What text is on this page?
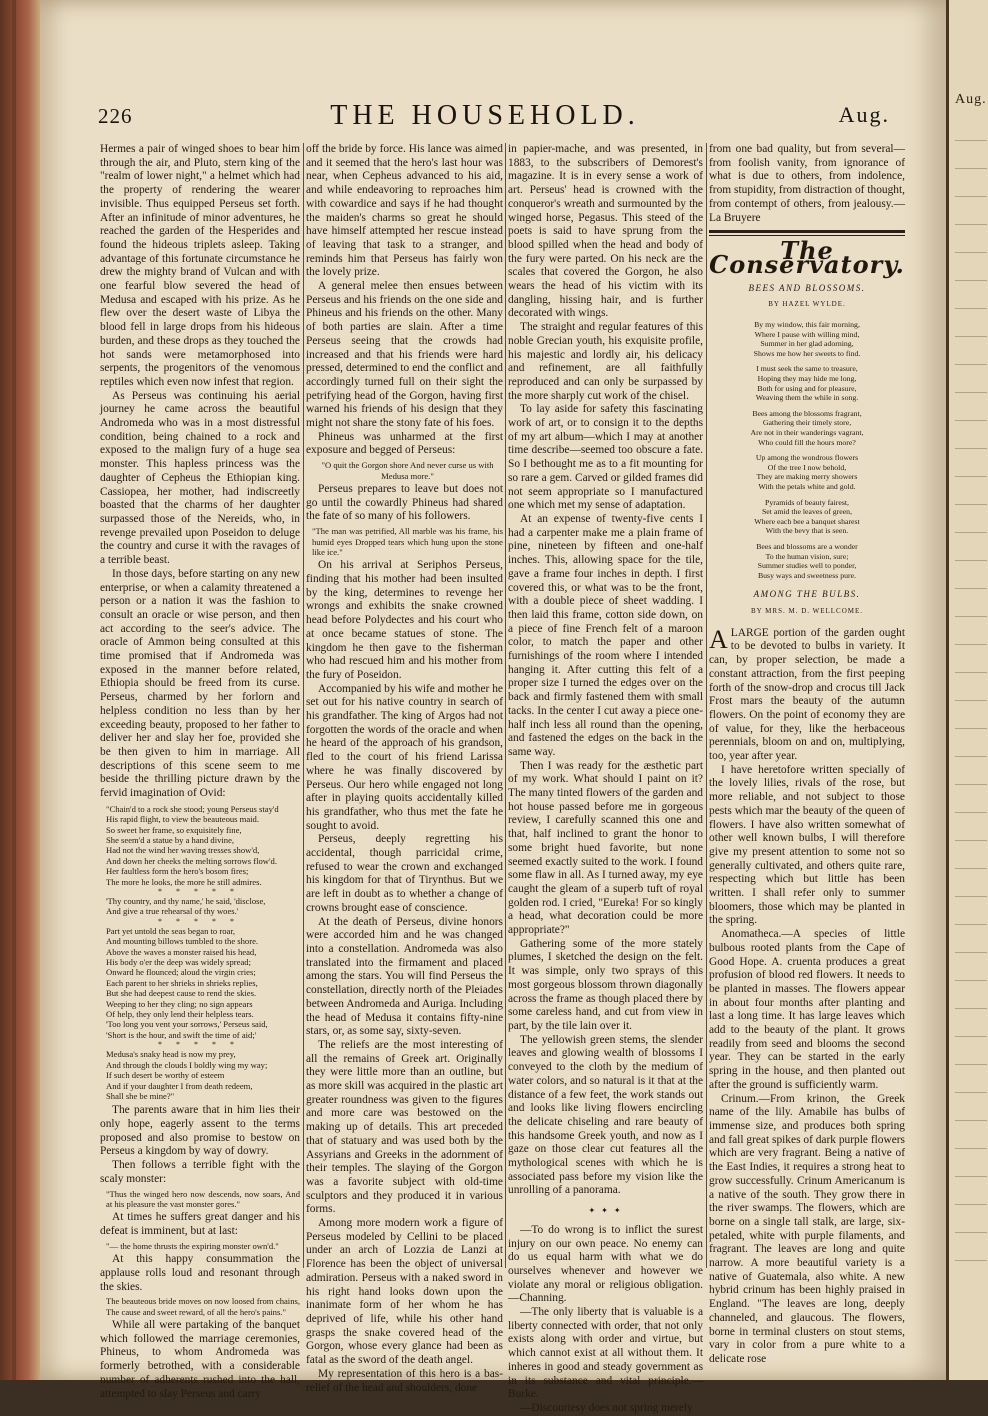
Aug.
226	THE HOUSEHOLD.	Aug.

Hermes a pair of winged shoes to bear him through the air, and Pluto, stern king of the "realm of lower night," a helmet which had the property of rendering the wearer invisible. Thus equipped Perseus set forth. After an infinitude of minor adventures, he reached the garden of the Hesperides and found the hideous triplets asleep. Taking advantage of this fortunate circumstance he drew the mighty brand of Vulcan and with one fearful blow severed the head of Medusa and escaped with his prize. As he flew over the desert waste of Libya the blood fell in large drops from his hideous burden, and these drops as they touched the hot sands were metamorphosed into serpents, the progenitors of the venomous reptiles which even now infest that region.

As Perseus was continuing his aerial journey he came across the beautiful Andromeda who was in a most distressful condition, being chained to a rock and exposed to the malign fury of a huge sea monster. This hapless princess was the daughter of Cepheus the Ethiopian king. Cassiopea, her mother, had indiscreetly boasted that the charms of her daughter surpassed those of the Nereids, who, in revenge prevailed upon Poseidon to deluge the country and curse it with the ravages of a terrible beast.

In those days, before starting on any new enterprise, or when a calamity threatened a person or a nation it was the fashion to consult an oracle or wise person, and then act according to the seer's advice. The oracle of Ammon being consulted at this time promised that if Andromeda was exposed in the manner before related, Ethiopia should be freed from its curse. Perseus, charmed by her forlorn and helpless condition no less than by her exceeding beauty, proposed to her father to deliver her and slay her foe, provided she be then given to him in marriage. All descriptions of this scene seem to me beside the thrilling picture drawn by the fervid imagination of Ovid:

"Chain'd to a rock she stood; young Perseus stay'd
His rapid flight, to view the beauteous maid.
So sweet her frame, so exquisitely fine,
She seem'd a statue by a hand divine,
Had not the wind her waving tresses show'd,
And down her cheeks the melting sorrows flow'd.
Her faultless form the hero's bosom fires;
The more he looks, the more he still admires.
*****
'Thy country, and thy name,' he said, 'disclose,
And give a true rehearsal of thy woes.'
*****
Part yet untold the seas began to roar,
And mounting billows tumbled to the shore.
Above the waves a monster raised his head,
His body o'er the deep was widely spread;
Onward he flounced; aloud the virgin cries;
Each parent to her shrieks in shrieks replies,
But she had deepest cause to rend the skies.
Weeping to her they cling; no sign appears
Of help, they only lend their helpless tears.
'Too long you vent your sorrows,' Perseus said,
'Short is the hour, and swift the time of aid;'
*****
Medusa's snaky head is now my prey,
And through the clouds I boldly wing my way;
If such desert be worthy of esteem
And if your daughter I from death redeem,
Shall she be mine?"

The parents aware that in him lies their only hope, eagerly assent to the terms proposed and also promise to bestow on Perseus a kingdom by way of dowry.

Then follows a terrible fight with the scaly monster:

"Thus the winged hero now descends, now soars, And at his pleasure the vast monster gores."

At times he suffers great danger and his defeat is imminent, but at last:

"— the home thrusts the expiring monster own'd."

At this happy consummation the applause rolls loud and resonant through the skies.

The beauteous bride moves on now loosed from chains, The cause and sweet reward, of all the hero's pains."

While all were partaking of the banquet which followed the marriage ceremonies, Phineus, to whom Andromeda was formerly betrothed, with a considerable number of adherents rushed into the hall, attempted to slay Perseus and carry

off the bride by force. His lance was aimed and it seemed that the hero's last hour was near, when Cepheus advanced to his aid, and while endeavoring to reproaches him with cowardice and says if he had thought the maiden's charms so great he should have himself attempted her rescue instead of leaving that task to a stranger, and reminds him that Perseus has fairly won the lovely prize.

A general melee then ensues between Perseus and his friends on the one side and Phineus and his friends on the other. Many of both parties are slain. After a time Perseus seeing that the crowds had increased and that his friends were hard pressed, determined to end the conflict and accordingly turned full on their sight the petrifying head of the Gorgon, having first warned his friends of his design that they might not share the stony fate of his foes.

Phineus was unharmed at the first exposure and begged of Perseus:

"O quit the Gorgon shore And never curse us with Medusa more."

Perseus prepares to leave but does not go until the cowardly Phineus had shared the fate of so many of his followers.

"The man was petrified, All marble was his frame, his humid eyes Dropped tears which hung upon the stone like ice."

On his arrival at Seriphos Perseus, finding that his mother had been insulted by the king, determines to revenge her wrongs and exhibits the snake crowned head before Polydectes and his court who at once became statues of stone. The kingdom he then gave to the fisherman who had rescued him and his mother from the fury of Poseidon.

Accompanied by his wife and mother he set out for his native country in search of his grandfather. The king of Argos had not forgotten the words of the oracle and when he heard of the approach of his grandson, fled to the court of his friend Larissa where he was finally discovered by Perseus. Our hero while engaged not long after in playing quoits accidentally killed his grandfather, who thus met the fate he sought to avoid.

Perseus, deeply regretting his accidental, though parricidal crime, refused to wear the crown and exchanged his kingdom for that of Tirynthus. But we are left in doubt as to whether a change of crowns brought ease of conscience.

At the death of Perseus, divine honors were accorded him and he was changed into a constellation. Andromeda was also translated into the firmament and placed among the stars. You will find Perseus the constellation, directly north of the Pleiades between Andromeda and Auriga. Including the head of Medusa it contains fifty-nine stars, or, as some say, sixty-seven.

The reliefs are the most interesting of all the remains of Greek art. Originally they were little more than an outline, but as more skill was acquired in the plastic art greater roundness was given to the figures and more care was bestowed on the making up of details. This art preceded that of statuary and was used both by the Assyrians and Greeks in the adornment of their temples. The slaying of the Gorgon was a favorite subject with old-time sculptors and they produced it in various forms.

Among more modern work a figure of Perseus modeled by Cellini to be placed under an arch of Lozzia de Lanzi at Florence has been the object of universal admiration. Perseus with a naked sword in his right hand looks down upon the inanimate form of her whom he has deprived of life, while his other hand grasps the snake covered head of the Gorgon, whose every glance had been as fatal as the sword of the death angel.

My representation of this hero is a bas-relief of the head and shoulders, done

in papier-mache, and was presented, in 1883, to the subscribers of Demorest's magazine. It is in every sense a work of art. Perseus' head is crowned with the conqueror's wreath and surmounted by the winged horse, Pegasus. This steed of the poets is said to have sprung from the blood spilled when the head and body of the fury were parted. On his neck are the scales that covered the Gorgon, he also wears the head of his victim with its dangling, hissing hair, and is further decorated with wings.

The straight and regular features of this noble Grecian youth, his exquisite profile, his majestic and lordly air, his delicacy and refinement, are all faithfully reproduced and can only be surpassed by the more sharply cut work of the chisel.

To lay aside for safety this fascinating work of art, or to consign it to the depths of my art album—which I may at another time describe—seemed too obscure a fate. So I bethought me as to a fit mounting for so rare a gem. Carved or gilded frames did not seem appropriate so I manufactured one which met my sense of adaptation.

At an expense of twenty-five cents I had a carpenter make me a plain frame of pine, nineteen by fifteen and one-half inches. This, allowing space for the tile, gave a frame four inches in depth. I first covered this, or what was to be the front, with a double piece of sheet wadding. I then laid this frame, cotton side down, on a piece of fine French felt of a maroon color, to match the paper and other furnishings of the room where I intended hanging it. After cutting this felt of a proper size I turned the edges over on the back and firmly fastened them with small tacks. In the center I cut away a piece one-half inch less all round than the opening, and fastened the edges on the back in the same way.

Then I was ready for the æsthetic part of my work. What should I paint on it? The many tinted flowers of the garden and hot house passed before me in gorgeous review, I carefully scanned this one and that, half inclined to grant the honor to some bright hued favorite, but none seemed exactly suited to the work. I found some flaw in all. As I turned away, my eye caught the gleam of a superb tuft of royal golden rod. I cried, "Eureka! For so kingly a head, what decoration could be more appropriate?"

Gathering some of the more stately plumes, I sketched the design on the felt. It was simple, only two sprays of this most gorgeous blossom thrown diagonally across the frame as though placed there by some careless hand, and cut from view in part, by the tile lain over it.

The yellowish green stems, the slender leaves and glowing wealth of blossoms I conveyed to the cloth by the medium of water colors, and so natural is it that at the distance of a few feet, the work stands out and looks like living flowers encircling the delicate chiseling and rare beauty of this handsome Greek youth, and now as I gaze on those clear cut features all the mythological scenes with which he is associated pass before my vision like the unrolling of a panorama.

✦ ✦ ✦

—To do wrong is to inflict the surest injury on our own peace. No enemy can do us equal harm with what we do ourselves whenever and however we violate any moral or religious obligation.—Channing.

—The only liberty that is valuable is a liberty connected with order, that not only exists along with order and virtue, but which cannot exist at all without them. It inheres in good and steady government as in its substance and vital principle.—Burke.

—Discourtesy does not spring merely

from one bad quality, but from several—from foolish vanity, from ignorance of what is due to others, from indolence, from stupidity, from distraction of thought, from contempt of others, from jealousy.—La Bruyere

The Conservatory.
BEES AND BLOSSOMS.
BY HAZEL WYLDE.
By my window, this fair morning,
Where I pause with willing mind,
Summer in her glad adorning,
Shows me how her sweets to find.
I must seek the same to treasure,
Hoping they may hide me long,
Both for using and for pleasure,
Weaving them the while in song.
Bees among the blossoms fragrant,
Gathering their timely store,
Are not in their wanderings vagrant,
Who could fill the hours more?
Up among the wondrous flowers
Of the tree I now behold,
They are making merry showers
With the petals white and gold.
Pyramids of beauty fairest,
Set amid the leaves of green,
Where each bee a banquet sharest
With the bevy that is seen.
Bees and blossoms are a wonder
To the human vision, sure;
Summer studies well to ponder,
Busy ways and sweetness pure.
AMONG THE BULBS.
BY MRS. M. D. WELLCOME.

ALARGE portion of the garden ought to be devoted to bulbs in variety. It can, by proper selection, be made a constant attraction, from the first peeping forth of the snow-drop and crocus till Jack Frost mars the beauty of the autumn flowers. On the point of economy they are of value, for they, like the herbaceous perennials, bloom on and on, multiplying, too, year after year.

I have heretofore written specially of the lovely lilies, rivals of the rose, but more reliable, and not subject to those pests which mar the beauty of the queen of flowers. I have also written somewhat of other well known bulbs, I will therefore give my present attention to some not so generally cultivated, and others quite rare, respecting which but little has been written. I shall refer only to summer bloomers, those which may be planted in the spring.

Anomatheca.—A species of little bulbous rooted plants from the Cape of Good Hope. A. cruenta produces a great profusion of blood red flowers. It needs to be planted in masses. The flowers appear in about four months after planting and last a long time. It has large leaves which add to the beauty of the plant. It grows readily from seed and blooms the second year. They can be started in the early spring in the house, and then planted out after the ground is sufficiently warm.

Crinum.—From krinon, the Greek name of the lily. Amabile has bulbs of immense size, and produces both spring and fall great spikes of dark purple flowers which are very fragrant. Being a native of the East Indies, it requires a strong heat to grow successfully. Crinum Americanum is a native of the south. They grow there in the river swamps. The flowers, which are borne on a single tall stalk, are large, six-petaled, white with purple filaments, and fragrant. The leaves are long and quite narrow. A more beautiful variety is a native of Guatemala, also white. A new hybrid crinum has been highly praised in England. "The leaves are long, deeply channeled, and glaucous. The flowers, borne in terminal clusters on stout stems, vary in color from a pure white to a delicate rose
